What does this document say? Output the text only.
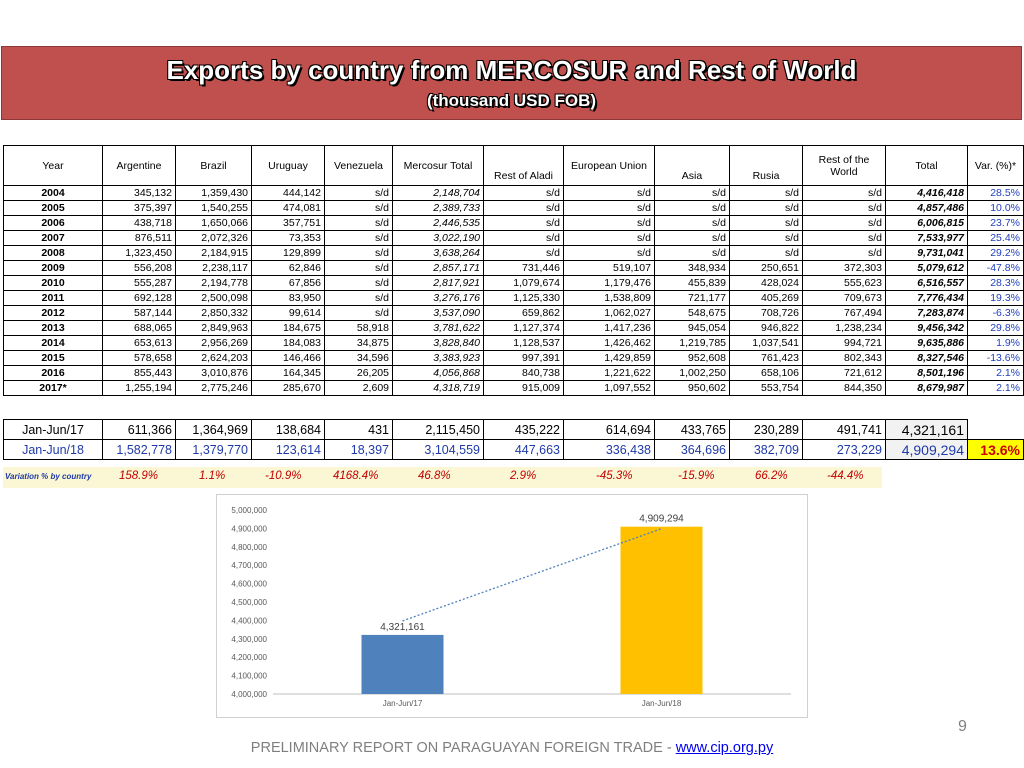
Exports by country from MERCOSUR and Rest of World
(thousand USD FOB)
Year	Argentine	Brazil	Uruguay	Venezuela	Mercosur Total	Rest of Aladi	European Union	Asia	Rusia	Rest of the World	Total	Var. (%)*
2004	345,132	1,359,430	444,142	s/d	2,148,704	s/d	s/d	s/d	s/d	s/d	4,416,418	28.5%
2005	375,397	1,540,255	474,081	s/d	2,389,733	s/d	s/d	s/d	s/d	s/d	4,857,486	10.0%
2006	438,718	1,650,066	357,751	s/d	2,446,535	s/d	s/d	s/d	s/d	s/d	6,006,815	23.7%
2007	876,511	2,072,326	73,353	s/d	3,022,190	s/d	s/d	s/d	s/d	s/d	7,533,977	25.4%
2008	1,323,450	2,184,915	129,899	s/d	3,638,264	s/d	s/d	s/d	s/d	s/d	9,731,041	29.2%
2009	556,208	2,238,117	62,846	s/d	2,857,171	731,446	519,107	348,934	250,651	372,303	5,079,612	-47.8%
2010	555,287	2,194,778	67,856	s/d	2,817,921	1,079,674	1,179,476	455,839	428,024	555,623	6,516,557	28.3%
2011	692,128	2,500,098	83,950	s/d	3,276,176	1,125,330	1,538,809	721,177	405,269	709,673	7,776,434	19.3%
2012	587,144	2,850,332	99,614	s/d	3,537,090	659,862	1,062,027	548,675	708,726	767,494	7,283,874	-6.3%
2013	688,065	2,849,963	184,675	58,918	3,781,622	1,127,374	1,417,236	945,054	946,822	1,238,234	9,456,342	29.8%
2014	653,613	2,956,269	184,083	34,875	3,828,840	1,128,537	1,426,462	1,219,785	1,037,541	994,721	9,635,886	1.9%
2015	578,658	2,624,203	146,466	34,596	3,383,923	997,391	1,429,859	952,608	761,423	802,343	8,327,546	-13.6%
2016	855,443	3,010,876	164,345	26,205	4,056,868	840,738	1,221,622	1,002,250	658,106	721,612	8,501,196	2.1%
2017*	1,255,194	2,775,246	285,670	2,609	4,318,719	915,009	1,097,552	950,602	553,754	844,350	8,679,987	2.1%
Jan-Jun/17	611,366	1,364,969	138,684	431	2,115,450	435,222	614,694	433,765	230,289	491,741	4,321,161	
Jan-Jun/18	1,582,778	1,379,770	123,614	18,397	3,104,559	447,663	336,438	364,696	382,709	273,229	4,909,294	13.6%
Variation % by country 158.9%	1.1%	-10.9%	4168.4%	46.8%	2.9%	-45.3%	-15.9%	66.2%	-44.4%
4,000,000
4,100,000
4,200,000
4,300,000
4,400,000
4,500,000
4,600,000
4,700,000
4,800,000
4,900,000
5,000,000
Jan-Jun/17
4,321,161
Jan-Jun/18
4,909,294
9
PRELIMINARY REPORT ON PARAGUAYAN FOREIGN TRADE - www.cip.org.py
